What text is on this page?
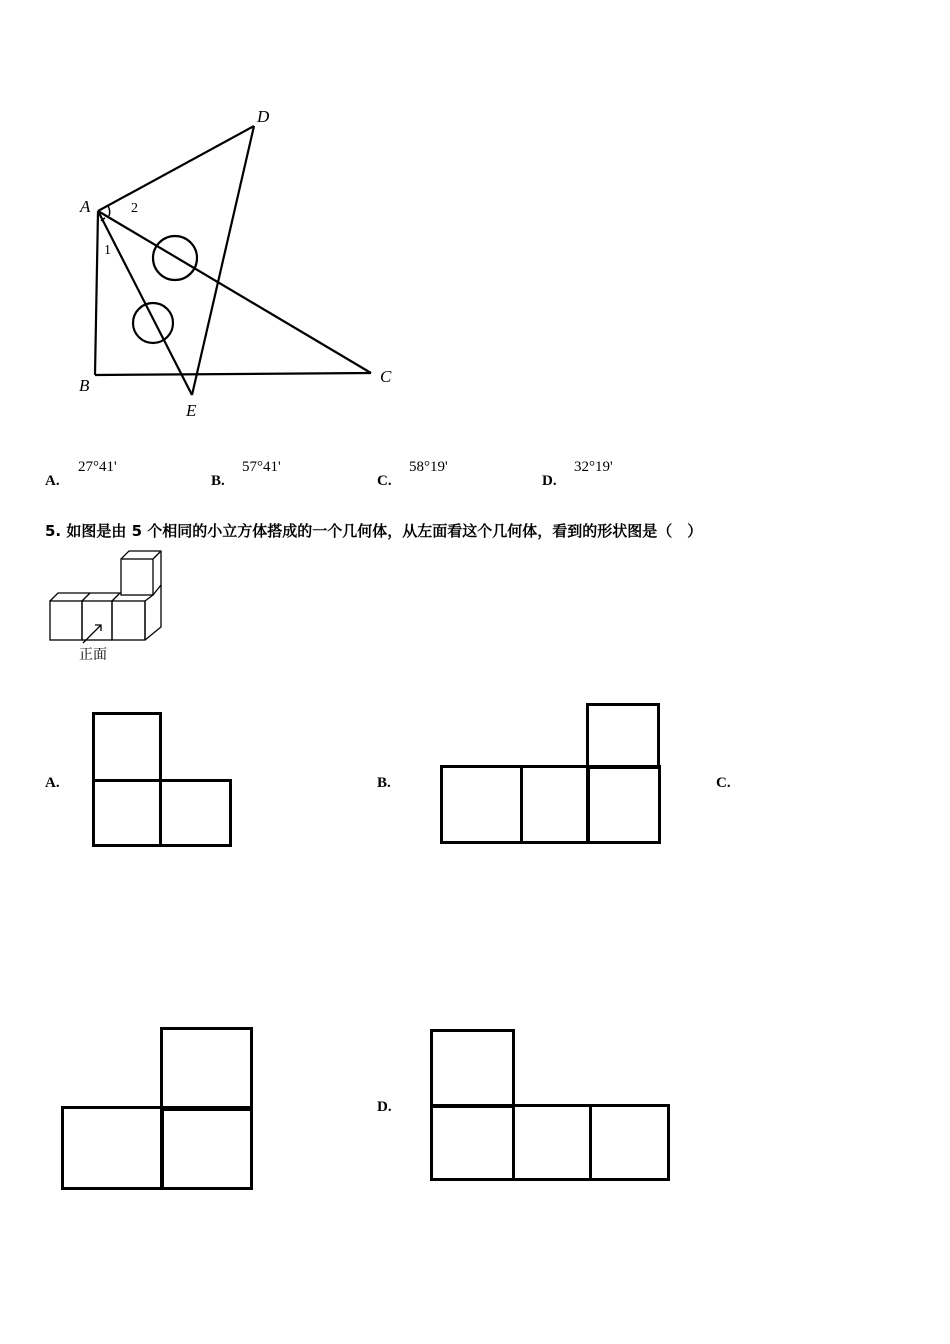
D
A	2
1
B	C
E
A.
27°41'
B.
57°41'
C.
58°19'
D.
32°19'
5. 如图是由 5 个相同的小立方体搭成的一个几何体，从左面看这个几何体，看到的形状图是（　）
正面
A.	B.	C.
D.
